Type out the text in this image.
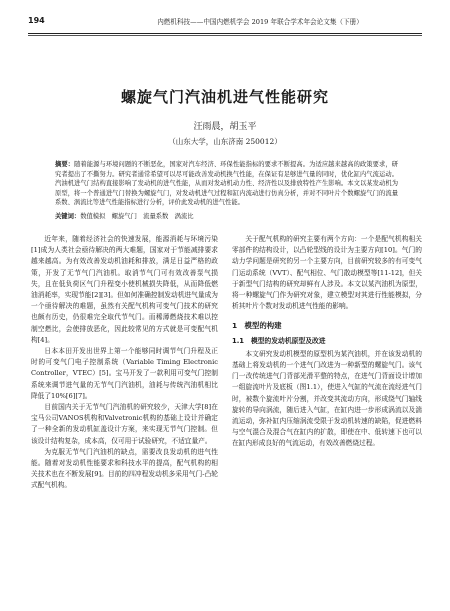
194	内燃机科技——中国内燃机学会 2019 年联合学术年会论文集（下册）
螺旋气门汽油机进气性能研究
汪雨晨，胡玉平
（山东大学，山东济南 250012）
摘要：随着能源与环境问题的不断恶化，国家对汽车经济、环保性能指标的要求不断提高。为适应越来越高的政策要求，研究者提出了不撕努力。研究者通常希望可以尽可能改善发动机换气性能，在保证有足够进气量的同时，优化缸内气流运动。汽油机进气门结构直接影响了发动机的进气性能，从而对发动机动力性、经济性以及排放特性产生影响。本文以某发动机为原型，将一个普通进气门替换为螺旋气门，对发动机进气过程和缸内流动进行仿真分析，并对不同叶片个数螺旋气门的流量系数、涡流比等进气性能指标进行分析，评价此发动机的进气性能。
关键词：数值模拟　螺旋气门　流量系数　涡流比

近年来，随着经济社会的快速发展，能源消耗与环境污染[1]成为人类社会亟待解决的两大难题，国家对于节能减排要求越来越高。为有效改善发动机油耗和排放，满足日益严格的政策，开发了无节气门汽油机。取消节气门可有效改善泵气损失，且在低负荷区气门升程变小使机械损失降低，从而降低燃油消耗率，实现节能[2][3]。但如何准确控制发动机进气量成为一个亟待解决的难题，虽然有关配气机构可变气门技术的研究也颇有历史，仍很难完全取代节气门。而稀薄燃烧技术难以控制空燃比，会使排放恶化，因此较常见的方式就是可变配气机构[4]。

日本本田开发出世界上第一个能够同时调节气门升程及正时的可变气门电子控制系统（Variable Timing Electronic Controller，VTEC）[5]。宝马开发了一款利用可变气门控制系统来调节进气量的无节气门汽油机，油耗与传统汽油机相比降低了10%[6][7]。

目前国内关于无节气门汽油机的研究较少，天津大学[8]在宝马公司VANOS机构和Valvetronic机构的基础上设计并确定了一种全新的发动机缸盖设计方案，来实现无节气门控制。但该设计结构复杂，成本高，仅可用于试验研究，不适宜量产。

为克服无节气门汽油机的缺点，需要改良发动机的进气性能。随着对发动机性能要求和科技水平的提高，配气机构的相关技术也在不断发展[9]。目前的四冲程发动机多采用气门-凸轮式配气机构。

关于配气机构的研究主要有两个方向：一个是配气机构相关零部件的结构设计，以凸轮型线的设计为主要方向[10]。气门的动力学问题是研究的另一个主要方向，目前研究较多的有可变气门运动系统（VVT）、配气相位、气门散动模型等[11-12]，但关于新型气门结构的研究却鲜有人涉及。本文以某汽油机为原型，将一种螺旋气门作为研究对象，建立模型对其进行性能模拟，分析其叶片个数对发动机进气性能的影响。

1　模型的构建
1.1　模型的发动机原型及改进

本文研究发动机模型的原型机为某汽油机，并在该发动机的基础上将发动机的一个进气门改进为一种新型的螺旋气门。该气门一改传统进气门背部光滑平整的特点，在进气门背面设计增加一组旋流叶片及底板（图1.1），使进入气缸的气流在流经进气门时，被数个旋流叶片分割，并改变其流动方向，形成绕气门轴线旋转的导向涡流，随后进入气缸，在缸内进一步形成涡流以及湍流运动，弥补缸内压缩涡流受限于发动机转速的缺陷，促进燃料与空气混合及混合气在缸内的扩散，即使在中、低转速下也可以在缸内形成良好的气流运动，有效改善燃烧过程。
